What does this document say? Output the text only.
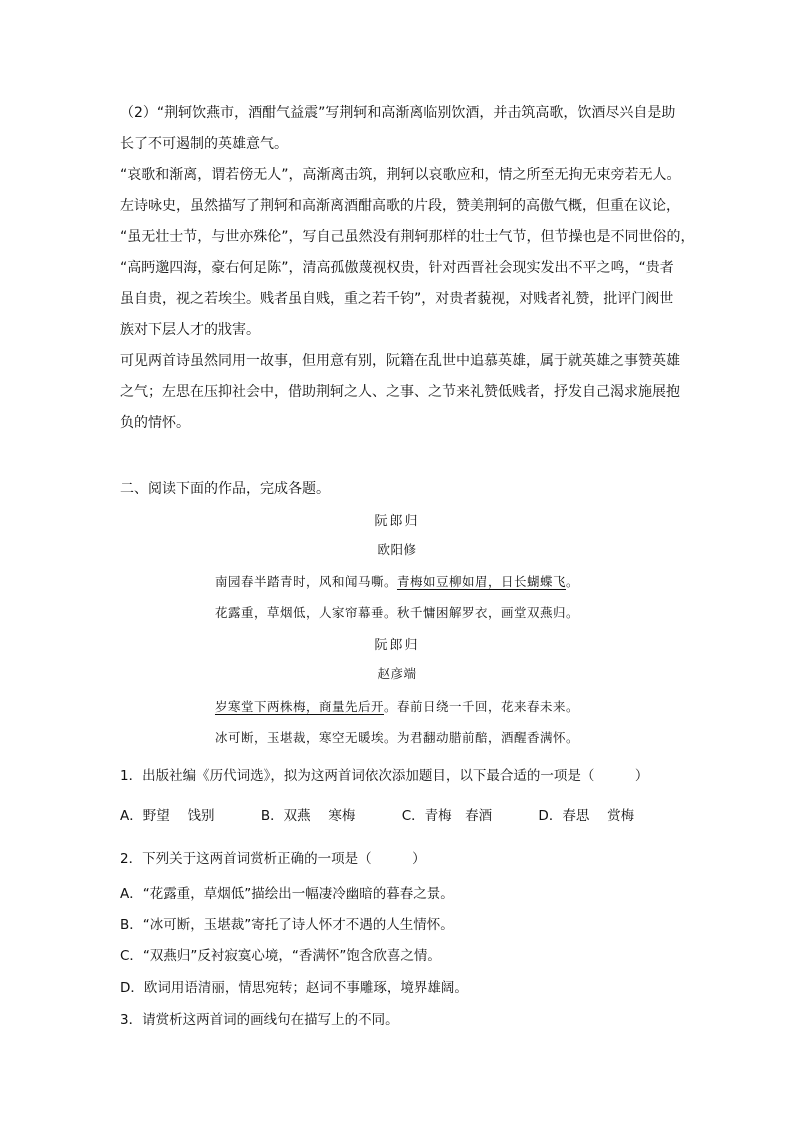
（2）“荆轲饮燕市，酒酣气益震”写荆轲和高渐离临别饮酒，并击筑高歌，饮酒尽兴自是助
长了不可遏制的英雄意气。
“哀歌和渐离，谓若傍无人”，高渐离击筑，荆轲以哀歌应和，情之所至无拘无束旁若无人。
左诗咏史，虽然描写了荆轲和高渐离酒酣高歌的片段，赞美荆轲的高傲气概，但重在议论，
“虽无壮士节，与世亦殊伦”，写自己虽然没有荆轲那样的壮士气节，但节操也是不同世俗的，
“高眄邈四海，豪右何足陈”，清高孤傲蔑视权贵，针对西晋社会现实发出不平之鸣，“贵者
虽自贵，视之若埃尘。贱者虽自贱，重之若千钧”，对贵者藐视，对贱者礼赞，批评门阀世
族对下层人才的戕害。
可见两首诗虽然同用一故事，但用意有别，阮籍在乱世中追慕英雄，属于就英雄之事赞英雄
之气；左思在压抑社会中，借助荆轲之人、之事、之节来礼赞低贱者，抒发自己渴求施展抱
负的情怀。
二、阅读下面的作品，完成各题。
阮郎归
欧阳修
南园春半踏青时，风和闻马嘶。青梅如豆柳如眉，日长蝴蝶飞。
花露重，草烟低，人家帘幕垂。秋千慵困解罗衣，画堂双燕归。
阮郎归
赵彦端
岁寒堂下两株梅，商量先后开。春前日绕一千回，花来春未来。
冰可断，玉堪裁，寒空无暖埃。为君翻动腊前醅，酒醒香满怀。
1．出版社编《历代词选》，拟为这两首词依次添加题目，以下最合适的一项是（　　　）
A．野望　 饯别	B．双燕　 寒梅	C．青梅　春酒	D．春思　 赏梅
2．下列关于这两首词赏析正确的一项是（　　　）
A．“花露重，草烟低”描绘出一幅凄冷幽暗的暮春之景。
B．“冰可断，玉堪裁”寄托了诗人怀才不遇的人生情怀。
C．“双燕归”反衬寂寞心境，“香满怀”饱含欣喜之情。
D．欧词用语清丽，情思宛转；赵词不事雕琢，境界雄阔。
3．请赏析这两首词的画线句在描写上的不同。
